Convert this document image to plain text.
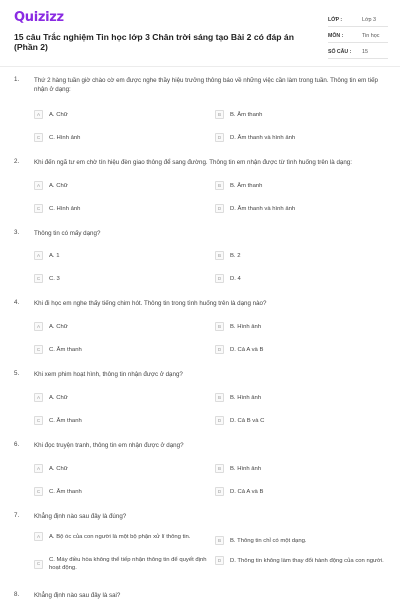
Quizizz
15 câu Trắc nghiệm Tin học lớp 3 Chân trời sáng tạo Bài 2 có đáp án (Phần 2)
LỚP :	Lớp 3
MÔN :	Tin học
SỐ CÂU :	15
1. Thứ 2 hàng tuần giờ chào cờ em được nghe thầy hiệu trưởng thông báo về những việc cần làm trong tuần. Thông tin em tiếp nhận ở dạng:
A	A. Chữ	B	B. Âm thanh
C	C. Hình ảnh	D	D. Âm thanh và hình ảnh
2. Khi đến ngã tư em chờ tín hiệu đèn giao thông để sang đường. Thông tin em nhận được từ tình huống trên là dạng:
A	A. Chữ	B	B. Âm thanh
C	C. Hình ảnh	D	D. Âm thanh và hình ảnh
3. Thông tin có mấy dạng?
A	A. 1	B	B. 2
C	C. 3	D	D. 4
4. Khi đi học em nghe thấy tiếng chim hót. Thông tin trong tình huống trên là dạng nào?
A	A. Chữ	B	B. Hình ảnh
C	C. Âm thanh	D	D. Cả A và B
5. Khi xem phim hoạt hình, thông tin nhận được ở dạng?
A	A. Chữ	B	B. Hình ảnh
C	C. Âm thanh	D	D. Cả B và C
6. Khi đọc truyện tranh, thông tin em nhận được ở dạng?
A	A. Chữ	B	B. Hình ảnh
C	C. Âm thanh	D	D. Cả A và B
7. Khẳng định nào sau đây là đúng?
A	A. Bộ óc của con người là một bộ phận xử lí thông tin.
B	B. Thông tin chỉ có một dạng.
C
C. Máy điều hòa không thể tiếp nhận thông tin để quyết định hoạt động.
D	D. Thông tin không làm thay đổi hành động của con người.
8. Khẳng định nào sau đây là sai?
